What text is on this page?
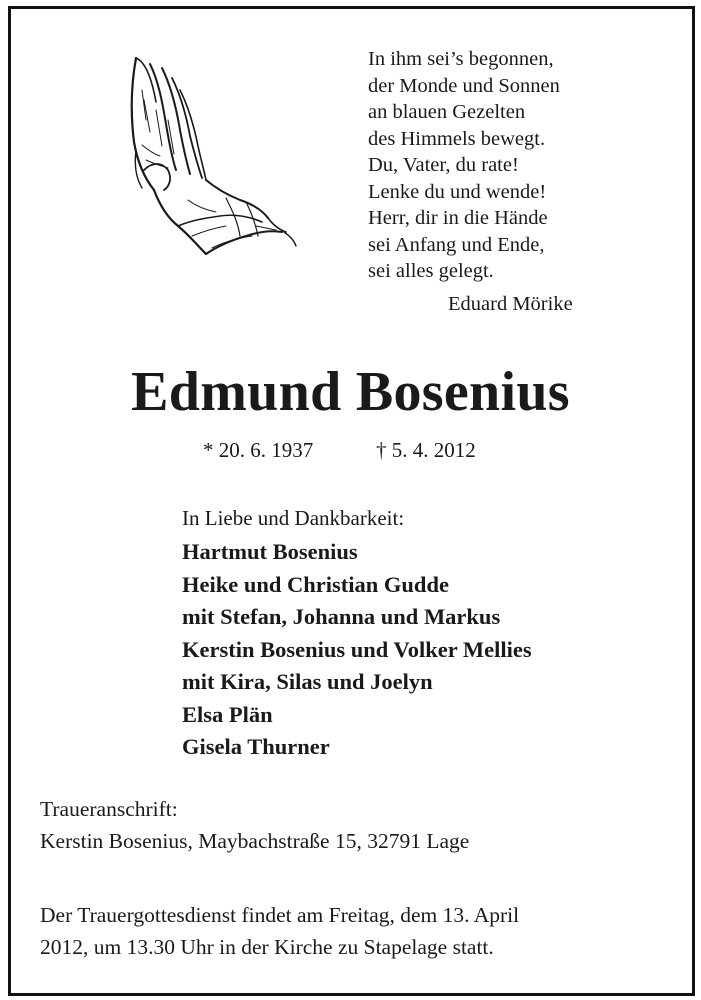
In ihm sei’s begonnen,
der Monde und Sonnen
an blauen Gezelten
des Himmels bewegt.
Du, Vater, du rate!
Lenke du und wende!
Herr, dir in die Hände
sei Anfang und Ende,
sei alles gelegt.
Eduard Mörike
Edmund Bosenius
* 20. 6. 1937	† 5. 4. 2012
In Liebe und Dankbarkeit:
Hartmut Bosenius
Heike und Christian Gudde
mit Stefan, Johanna und Markus
Kerstin Bosenius und Volker Mellies
mit Kira, Silas und Joelyn
Elsa Plän
Gisela Thurner
Traueranschrift:
Kerstin Bosenius, Maybachstraße 15, 32791 Lage
Der Trauergottesdienst findet am Freitag, dem 13. April
2012, um 13.30 Uhr in der Kirche zu Stapelage statt.
